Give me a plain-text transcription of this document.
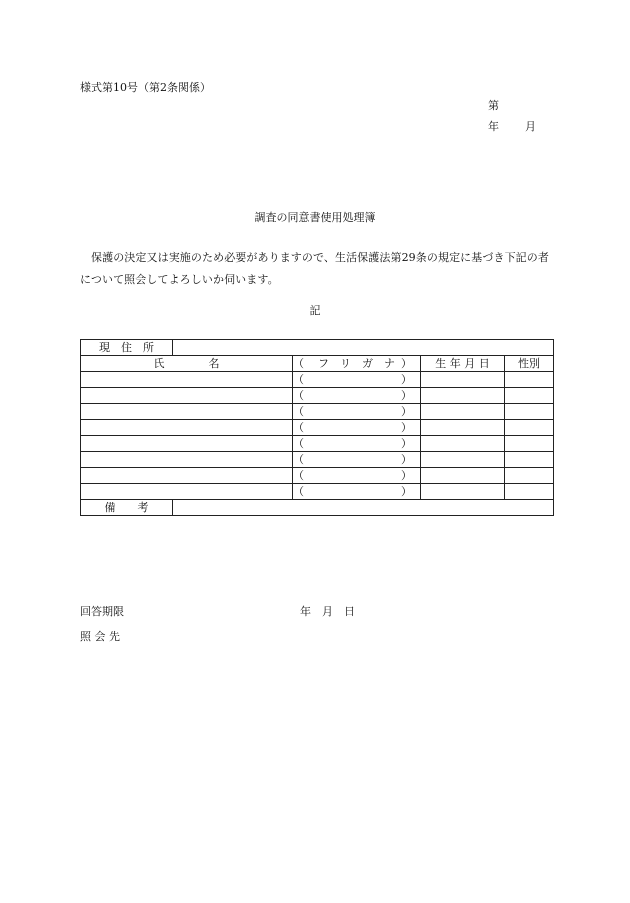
様式第10号（第2条関係）
第
年 月
調査の同意書使用処理簿
保護の決定又は実施のため必要がありますので、生活保護法第29条の規定に基づき下記の者について照会してよろしいか伺います。
記
現　住　所				
氏　　　　名		（ フ　リ　ガ　ナ ）	生 年 月 日	性別

		（ ）		

		（ ）		

		（ ）		

		（ ）		

		（ ）		

		（ ）		

		（ ）		

		（ ）		

備　　考				
回答期限	年　月　日
照 会 先
